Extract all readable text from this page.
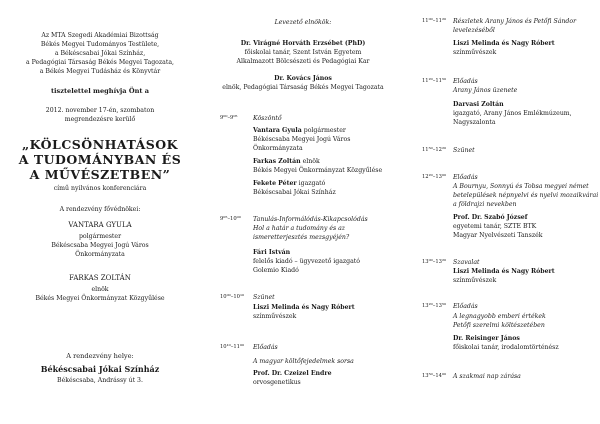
Az MTA Szegedi Akadémiai Bizottság
Békés Megyei Tudományos Testülete,
a Békéscsabai Jókai Színház,
a Pedagógiai Társaság Békés Megyei Tagozata,
a Békés Megyei Tudásház és Könyvtár
tisztelettel meghívja Önt a
2012. november 17-én, szombaton
megrendezésre kerülő
„KÖLCSÖNHATÁSOK
A TUDOMÁNYBAN ÉS
A MŰVÉSZETBEN”
című nyilvános konferenciára
A rendezvény fővédnökei:
VANTARA GYULA
polgármester
Békéscsaba Megyei Jogú Város
Önkormányzata
FARKAS ZOLTÁN
elnök
Békés Megyei Önkormányzat Közgyűlése
A rendezvény helye:
Békéscsabai Jókai Színház
Békéscsaba, Andrássy út 3.
Levezető elnökök:
Dr. Virágné Horváth Erzsébet (PhD)
főiskolai tanár, Szent István Egyetem
Alkalmazott Bölcsészeti és Pedagógiai Kar
Dr. Kovács János
elnök, Pedagógiai Társaság Békés Megyei Tagozata
9⁰⁰–9⁰⁵ Köszöntő
Vantara Gyula polgármester
Békéscsaba Megyei Jogú Város
Önkormányzata
Farkas Zoltán elnök
Békés Megyei Önkormányzat Közgyűlése
Fekete Péter igazgató
Békéscsabai Jókai Színház
9⁰⁵–10⁰⁰ Tanulás-Informálódás-Kikapcsolódás
Hol a határ a tudomány és az
ismeretterjesztés mezsgyéjén?
Fári István
felelős kiadó – ügyvezető igazgató
Golemio Kiadó
10⁰⁰–10¹⁰ Szünet
Liszi Melinda és Nagy Róbert
színművészek
10¹⁰–11⁰⁰ Előadás
A magyar költőfejedelmek sorsa
Prof. Dr. Czeizel Endre
orvosgenetikus
11⁰⁰–11²⁰ Részletek Arany János és Petőfi Sándor
levelezéséből
Liszi Melinda és Nagy Róbert
színművészek
11²⁰–11⁵⁰ Előadás
Arany János üzenete
Darvasi Zoltán
igazgató, Arany János Emlékmúzeum,
Nagyszalonta
11⁵⁰–12²⁰ Szünet
12²⁰–13⁰⁰ Előadás
A Bournyu, Sonnyú és Tobsa megyei német
betelepülések népnyelvi és nyelvi mozaikvárai
a földrajzi nevekben
Prof. Dr. Szabó József
egyetemi tanár, SZTE BTK
Magyar Nyelvészeti Tanszék
13⁰⁰–13²⁰ Szavalat
Liszi Melinda és Nagy Róbert
színművészek
13²⁰–13⁵⁰ Előadás
A legnagyobb emberi értékek
Petőfi szerelmi költészetében
Dr. Reisinger János
főiskolai tanár, irodalomtörténész
13⁵⁰–14⁰⁰ A szakmai nap zárása
